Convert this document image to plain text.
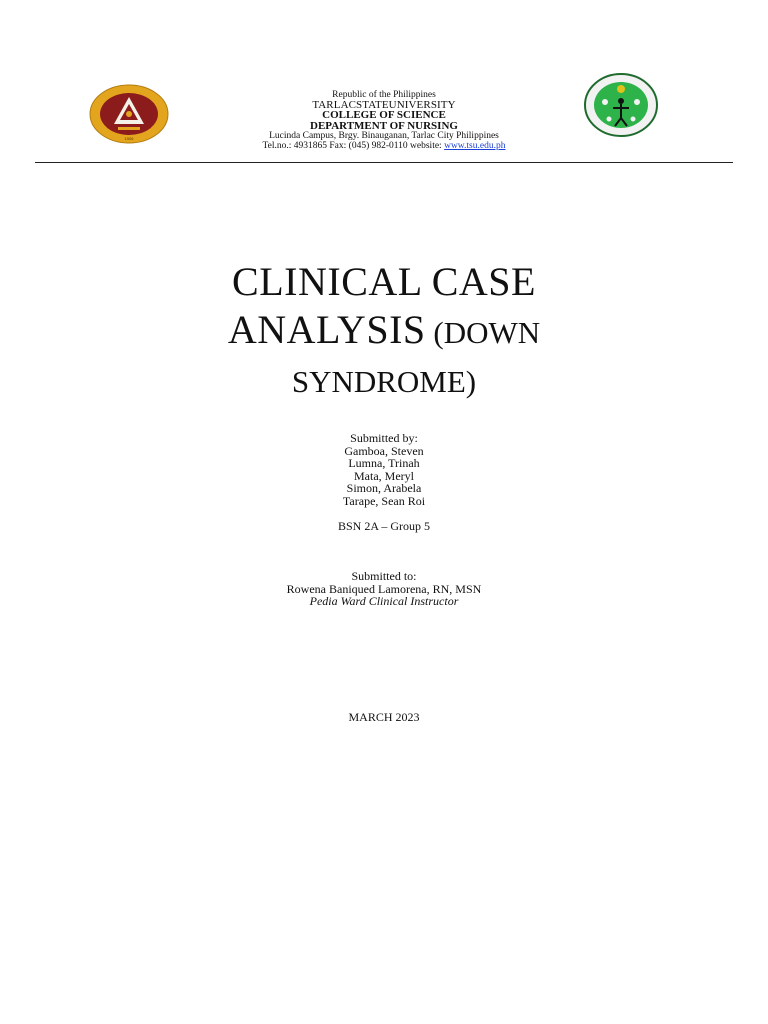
1906
Republic of the Philippines
TARLACSTATEUNIVERSITY
COLLEGE OF SCIENCE
DEPARTMENT OF NURSING
Lucinda Campus, Brgy. Binauganan, Tarlac City Philippines
Tel.no.: 4931865 Fax: (045) 982-0110 website: www.tsu.edu.ph
CLINICAL CASE
ANALYSIS (DOWN
SYNDROME)
Submitted by:
Gamboa, Steven
Lumna, Trinah
Mata, Meryl
Simon, Arabela
Tarape, Sean Roi
BSN 2A – Group 5
Submitted to:
Rowena Baniqued Lamorena, RN, MSN
Pedia Ward Clinical Instructor
MARCH 2023
